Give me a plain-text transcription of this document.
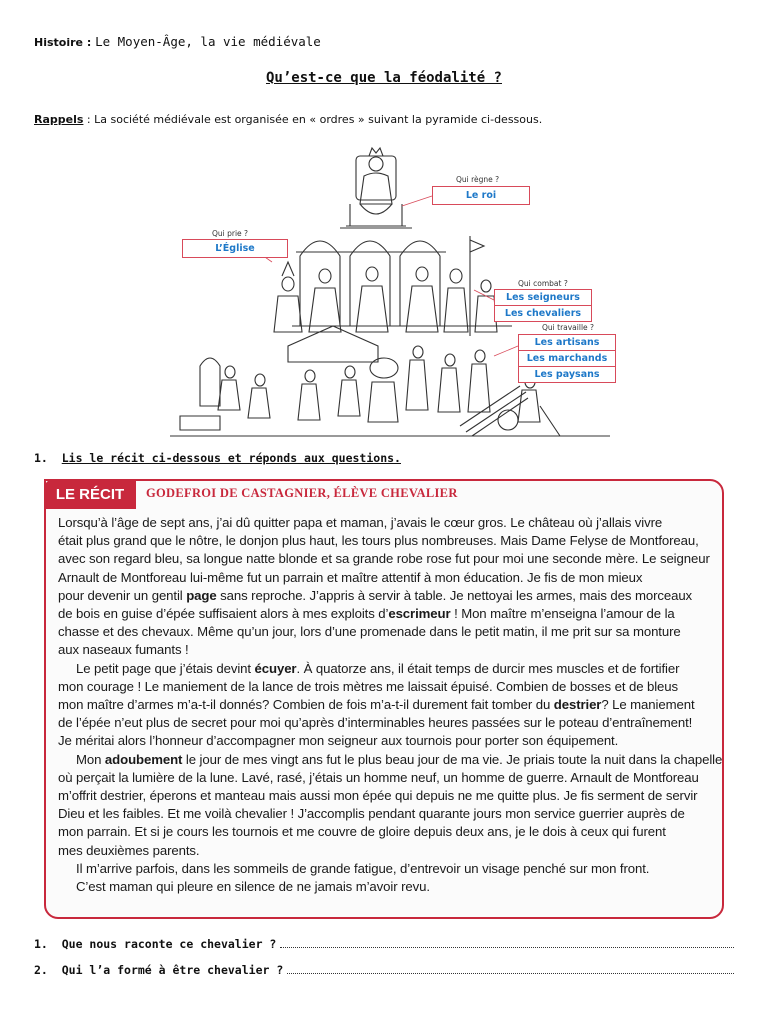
Histoire : Le Moyen-Âge, la vie médiévale
Qu’est-ce que la féodalité ?
Rappels : La société médiévale est organisée en « ordres » suivant la pyramide ci-dessous.
Qui règne ?
Le roi
Qui prie ?
L’Église
Qui combat ?
Les seigneurs
Les chevaliers
Qui travaille ?
Les artisans
Les marchands
Les paysans
1. Lis le récit ci-dessous et réponds aux questions.
LE RÉCIT	GODEFROI DE CASTAGNIER, ÉLÈVE CHEVALIER
Lorsqu’à l’âge de sept ans, j’ai dû quitter papa et maman, j’avais le cœur gros. Le château où j’allais vivre
était plus grand que le nôtre, le donjon plus haut, les tours plus nombreuses. Mais Dame Felyse de Montforeau,
avec son regard bleu, sa longue natte blonde et sa grande robe rose fut pour moi une seconde mère. Le seigneur
Arnault de Montforeau lui-même fut un parrain et maître attentif à mon éducation. Je fis de mon mieux
pour devenir un gentil page sans reproche. J’appris à servir à table. Je nettoyai les armes, mais des morceaux
de bois en guise d’épée suffisaient alors à mes exploits d’escrimeur ! Mon maître m’enseigna l’amour de la
chasse et des chevaux. Même qu’un jour, lors d’une promenade dans le petit matin, il me prit sur sa monture
aux naseaux fumants !
Le petit page que j’étais devint écuyer. À quatorze ans, il était temps de durcir mes muscles et de fortifier
mon courage ! Le maniement de la lance de trois mètres me laissait épuisé. Combien de bosses et de bleus
mon maître d’armes m’a-t-il donnés? Combien de fois m’a-t-il durement fait tomber du destrier? Le maniement
de l’épée n’eut plus de secret pour moi qu’après d’interminables heures passées sur le poteau d’entraînement!
Je méritai alors l’honneur d’accompagner mon seigneur aux tournois pour porter son équipement.
Mon adoubement le jour de mes vingt ans fut le plus beau jour de ma vie. Je priais toute la nuit dans la chapelle
où perçait la lumière de la lune. Lavé, rasé, j’étais un homme neuf, un homme de guerre. Arnault de Montforeau
m’offrit destrier, éperons et manteau mais aussi mon épée qui depuis ne me quitte plus. Je fis serment de servir
Dieu et les faibles. Et me voilà chevalier ! J’accomplis pendant quarante jours mon service guerrier auprès de
mon parrain. Et si je cours les tournois et me couvre de gloire depuis deux ans, je le dois à ceux qui furent
mes deuxièmes parents.
Il m’arrive parfois, dans les sommeils de grande fatigue, d’entrevoir un visage penché sur mon front.
C’est maman qui pleure en silence de ne jamais m’avoir revu.
1.
Que nous raconte ce chevalier ?
2.
Qui l’a formé à être chevalier ?
